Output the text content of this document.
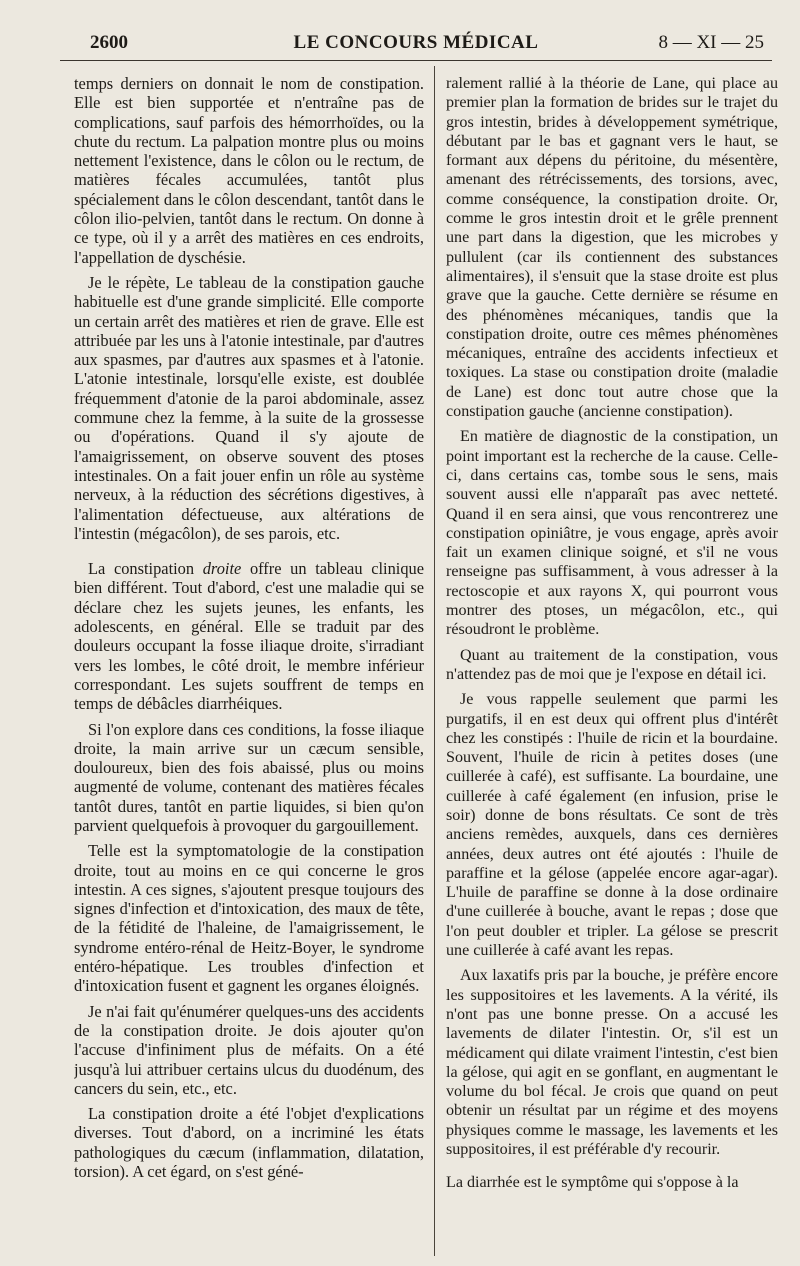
2600	LE CONCOURS MÉDICAL	8 — XI — 25

temps derniers on donnait le nom de constipation. Elle est bien supportée et n'entraîne pas de complications, sauf parfois des hémorrhoïdes, ou la chute du rectum. La palpation montre plus ou moins nettement l'existence, dans le côlon ou le rectum, de matières fécales accumulées, tantôt plus spécialement dans le côlon descendant, tantôt dans le côlon ilio-pelvien, tantôt dans le rectum. On donne à ce type, où il y a arrêt des matières en ces endroits, l'appellation de dyschésie.

Je le répète, Le tableau de la constipation gauche habituelle est d'une grande simplicité. Elle comporte un certain arrêt des matières et rien de grave. Elle est attribuée par les uns à l'atonie intestinale, par d'autres aux spasmes, par d'autres aux spasmes et à l'atonie. L'atonie intestinale, lorsqu'elle existe, est doublée fréquemment d'atonie de la paroi abdominale, assez commune chez la femme, à la suite de la grossesse ou d'opérations. Quand il s'y ajoute de l'amaigrissement, on observe souvent des ptoses intestinales. On a fait jouer enfin un rôle au système nerveux, à la réduction des sécrétions digestives, à l'alimentation défectueuse, aux altérations de l'intestin (mégacôlon), de ses parois, etc.

La constipation droite offre un tableau clinique bien différent. Tout d'abord, c'est une maladie qui se déclare chez les sujets jeunes, les enfants, les adolescents, en général. Elle se traduit par des douleurs occupant la fosse iliaque droite, s'irradiant vers les lombes, le côté droit, le membre inférieur correspondant. Les sujets souffrent de temps en temps de débâcles diarrhéiques.

Si l'on explore dans ces conditions, la fosse iliaque droite, la main arrive sur un cæcum sensible, douloureux, bien des fois abaissé, plus ou moins augmenté de volume, contenant des matières fécales tantôt dures, tantôt en partie liquides, si bien qu'on parvient quelquefois à provoquer du gargouillement.

Telle est la symptomatologie de la constipation droite, tout au moins en ce qui concerne le gros intestin. A ces signes, s'ajoutent presque toujours des signes d'infection et d'intoxication, des maux de tête, de la fétidité de l'haleine, de l'amaigrissement, le syndrome entéro-rénal de Heitz-Boyer, le syndrome entéro-hépatique. Les troubles d'infection et d'intoxication fusent et gagnent les organes éloignés.

Je n'ai fait qu'énumérer quelques-uns des accidents de la constipation droite. Je dois ajouter qu'on l'accuse d'infiniment plus de méfaits. On a été jusqu'à lui attribuer certains ulcus du duodénum, des cancers du sein, etc., etc.

La constipation droite a été l'objet d'explications diverses. Tout d'abord, on a incriminé les états pathologiques du cæcum (inflammation, dilatation, torsion). A cet égard, on s'est géné-

ralement rallié à la théorie de Lane, qui place au premier plan la formation de brides sur le trajet du gros intestin, brides à développement symétrique, débutant par le bas et gagnant vers le haut, se formant aux dépens du péritoine, du mésentère, amenant des rétrécissements, des torsions, avec, comme conséquence, la constipation droite. Or, comme le gros intestin droit et le grêle prennent une part dans la digestion, que les microbes y pullulent (car ils contiennent des substances alimentaires), il s'ensuit que la stase droite est plus grave que la gauche. Cette dernière se résume en des phénomènes mécaniques, tandis que la constipation droite, outre ces mêmes phénomènes mécaniques, entraîne des accidents infectieux et toxiques. La stase ou constipation droite (maladie de Lane) est donc tout autre chose que la constipation gauche (ancienne constipation).

En matière de diagnostic de la constipation, un point important est la recherche de la cause. Celle-ci, dans certains cas, tombe sous le sens, mais souvent aussi elle n'apparaît pas avec netteté. Quand il en sera ainsi, que vous rencontrerez une constipation opiniâtre, je vous engage, après avoir fait un examen clinique soigné, et s'il ne vous renseigne pas suffisamment, à vous adresser à la rectoscopie et aux rayons X, qui pourront vous montrer des ptoses, un mégacôlon, etc., qui résoudront le problème.

Quant au traitement de la constipation, vous n'attendez pas de moi que je l'expose en détail ici.

Je vous rappelle seulement que parmi les purgatifs, il en est deux qui offrent plus d'intérêt chez les constipés : l'huile de ricin et la bourdaine. Souvent, l'huile de ricin à petites doses (une cuillerée à café), est suffisante. La bourdaine, une cuillerée à café également (en infusion, prise le soir) donne de bons résultats. Ce sont de très anciens remèdes, auxquels, dans ces dernières années, deux autres ont été ajoutés : l'huile de paraffine et la gélose (appelée encore agar-agar). L'huile de paraffine se donne à la dose ordinaire d'une cuillerée à bouche, avant le repas ; dose que l'on peut doubler et tripler. La gélose se prescrit une cuillerée à café avant les repas.

Aux laxatifs pris par la bouche, je préfère encore les suppositoires et les lavements. A la vérité, ils n'ont pas une bonne presse. On a accusé les lavements de dilater l'intestin. Or, s'il est un médicament qui dilate vraiment l'intestin, c'est bien la gélose, qui agit en se gonflant, en augmentant le volume du bol fécal. Je crois que quand on peut obtenir un résultat par un régime et des moyens physiques comme le massage, les lavements et les suppositoires, il est préférable d'y recourir.

La diarrhée est le symptôme qui s'oppose à la
